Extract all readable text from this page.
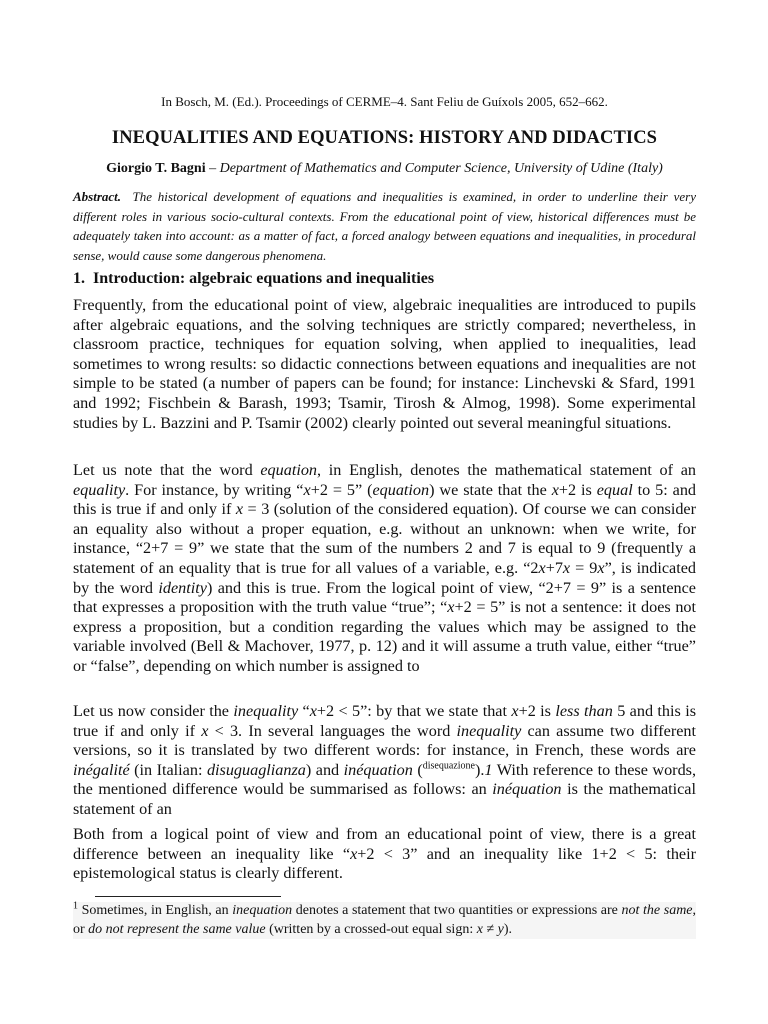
In Bosch, M. (Ed.). Proceedings of CERME–4. Sant Feliu de Guíxols 2005, 652–662.
INEQUALITIES AND EQUATIONS: HISTORY AND DIDACTICS
Giorgio T. Bagni – Department of Mathematics and Computer Science, University of Udine (Italy)
Abstract. The historical development of equations and inequalities is examined, in order to underline their very different roles in various socio-cultural contexts. From the educational point of view, historical differences must be adequately taken into account: as a matter of fact, a forced analogy between equations and inequalities, in procedural sense, would cause some dangerous phenomena.
1. Introduction: algebraic equations and inequalities

Frequently, from the educational point of view, algebraic inequalities are introduced to pupils after algebraic equations, and the solving techniques are strictly compared; nevertheless, in classroom practice, techniques for equation solving, when applied to inequalities, lead sometimes to wrong results: so didactic connections between equations and inequalities are not simple to be stated (a number of papers can be found; for instance: Linchevski & Sfard, 1991 and 1992; Fischbein & Barash, 1993; Tsamir, Tirosh & Almog, 1998). Some experimental studies by L. Bazzini and P. Tsamir (2002) clearly pointed out several meaningful situations.

Let us note that the word equation, in English, denotes the mathematical statement of an equality. For instance, by writing “x+2 = 5” (equation) we state that the x+2 is equal to 5: and this is true if and only if x = 3 (solution of the considered equation). Of course we can consider an equality also without a proper equation, e.g. without an unknown: when we write, for instance, “2+7 = 9” we state that the sum of the numbers 2 and 7 is equal to 9 (frequently a statement of an equality that is true for all values of a variable, e.g. “2x+7x = 9x”, is indicated by the word identity) and this is true. From the logical point of view, “2+7 = 9” is a sentence that expresses a proposition with the truth value “true”; “x+2 = 5” is not a sentence: it does not express a proposition, but a condition regarding the values which may be assigned to the variable involved (Bell & Machover, 1977, p. 12) and it will assume a truth value, either “true” or “false”, depending on which number is assigned to

Let us now consider the inequality “x+2 < 5”: by that we state that x+2 is less than 5 and this is true if and only if x < 3. In several languages the word inequality can assume two different versions, so it is translated by two different words: for instance, in French, these words are inégalité (in Italian: disuguaglianza) and inéquation ($^{disequazione}$).1 With reference to these words, the mentioned difference would be summarised as follows: an inéquation is the mathematical statement of an

Both from a logical point of view and from an educational point of view, there is a great difference between an inequality like “x+2 < 3” and an inequality like 1+2 < 5: their epistemological status is clearly different.

$^1$ Sometimes, in English, an inequation denotes a statement that two quantities or expressions are not the same, or do not represent the same value (written by a crossed-out equal sign: x ≠ y).
